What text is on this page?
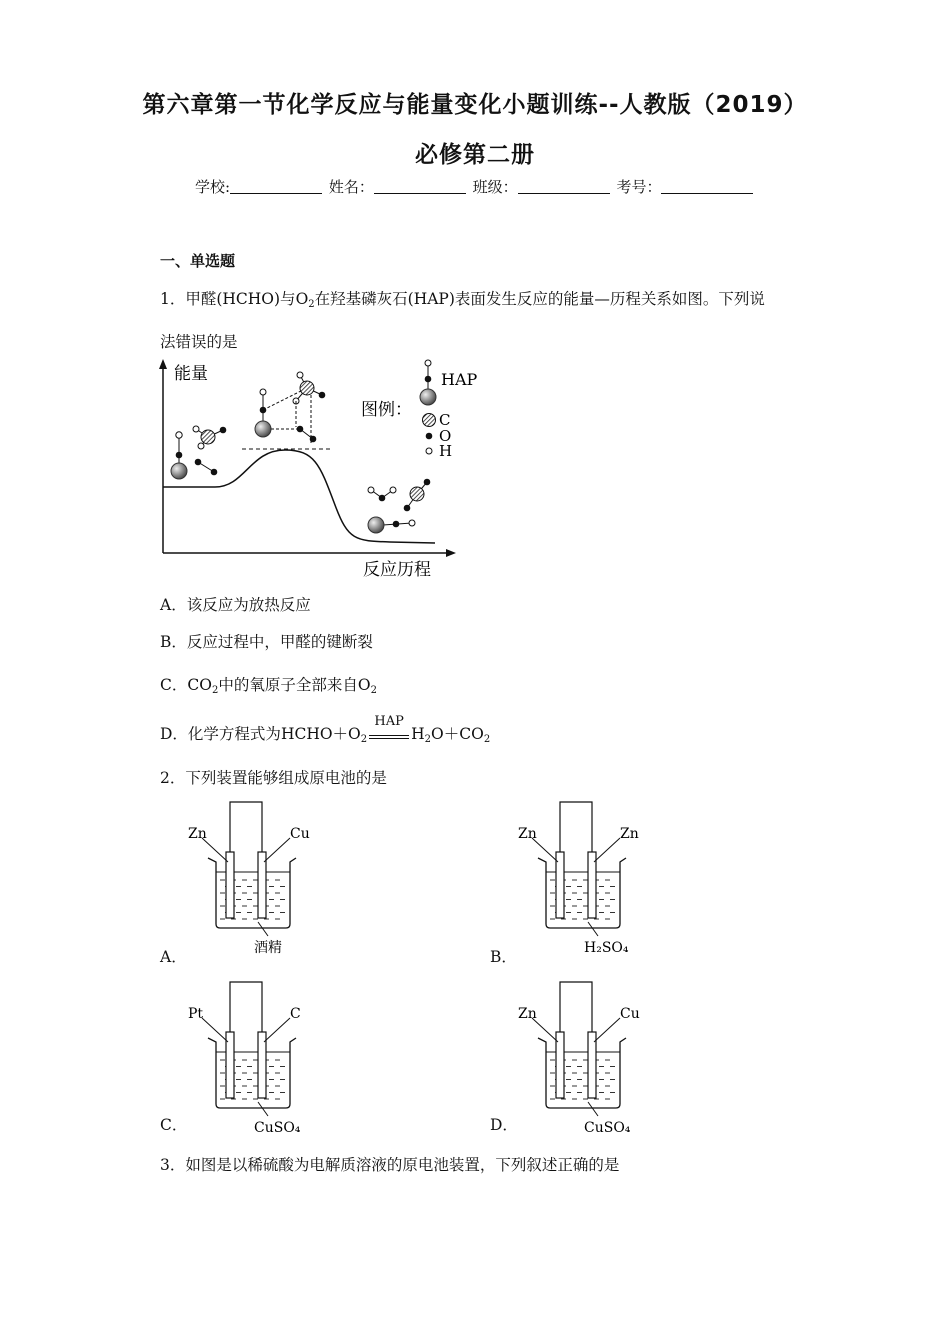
第六章第一节化学反应与能量变化小题训练--人教版（2019）
必修第二册
学校:	姓名：	班级：	考号：
一、单选题
1．甲醛(HCHO)与$O_2$在羟基磷灰石(HAP)表面发生反应的能量—历程关系如图。下列说
法错误的是
能量
反应历程
图例：
HAP
C
O
H
A．该反应为放热反应
B．反应过程中，甲醛的键断裂
C．$CO_2$中的氧原子全部来自$O_2$
D．化学方程式为$HCHO+O_2$
HAP
$H_2O+CO_2$
2．下列装置能够组成原电池的是
Zn	Cu
酒精
A．
Zn	Zn
H₂SO₄
B．
Pt	C
CuSO₄
C．
Zn	Cu
CuSO₄
D．
3．如图是以稀硫酸为电解质溶液的原电池装置，下列叙述正确的是
